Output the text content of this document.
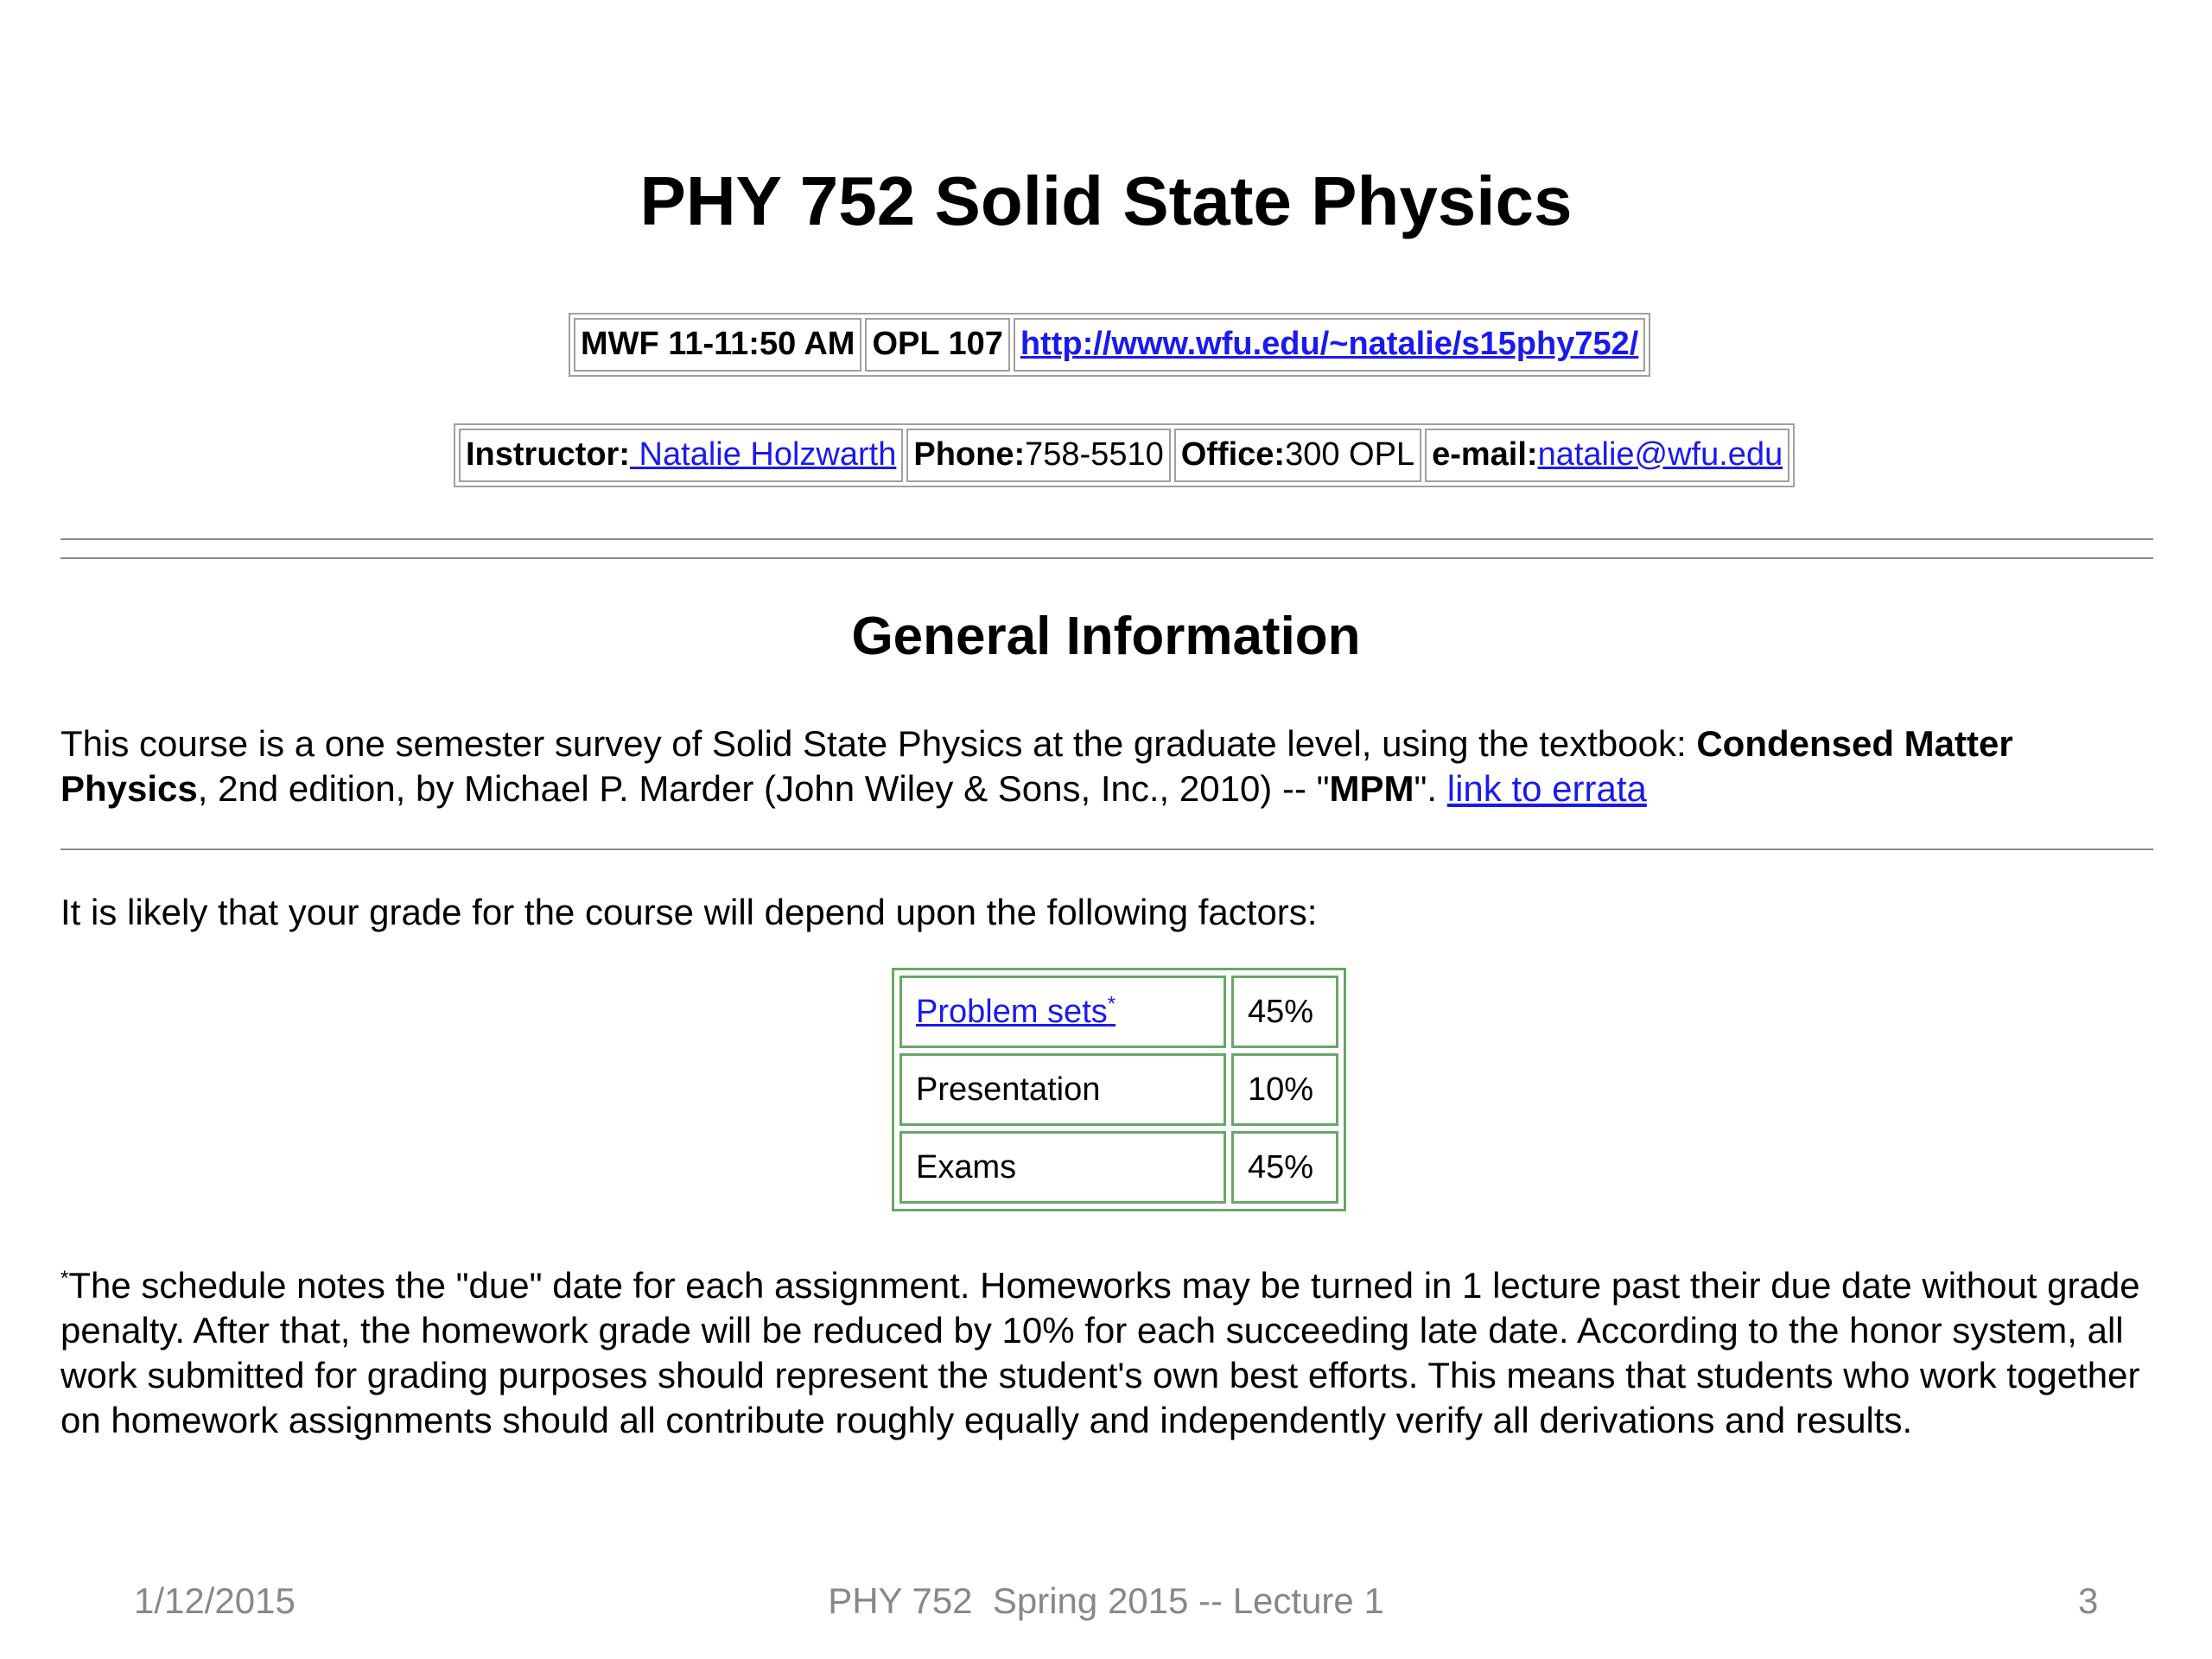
PHY 752 Solid State Physics
MWF 11-11:50 AM	OPL 107	http://www.wfu.edu/~natalie/s15phy752/
Instructor: Natalie Holzwarth	Phone:758-5510	Office:300 OPL	e-mail:natalie@wfu.edu
General Information

This course is a one semester survey of Solid State Physics at the graduate level, using the textbook: Condensed Matter Physics, 2nd edition, by Michael P. Marder (John Wiley & Sons, Inc., 2010) -- "MPM". link to errata

It is likely that your grade for the course will depend upon the following factors:

Problem sets*	45%
Presentation	10%
Exams	45%

*The schedule notes the "due" date for each assignment. Homeworks may be turned in 1 lecture past their due date without grade penalty. After that, the homework grade will be reduced by 10% for each succeeding late date. According to the honor system, all work submitted for grading purposes should represent the student's own best efforts. This means that students who work together on homework assignments should all contribute roughly equally and independently verify all derivations and results.

1/12/2015	PHY 752  Spring 2015 -- Lecture 1	3
